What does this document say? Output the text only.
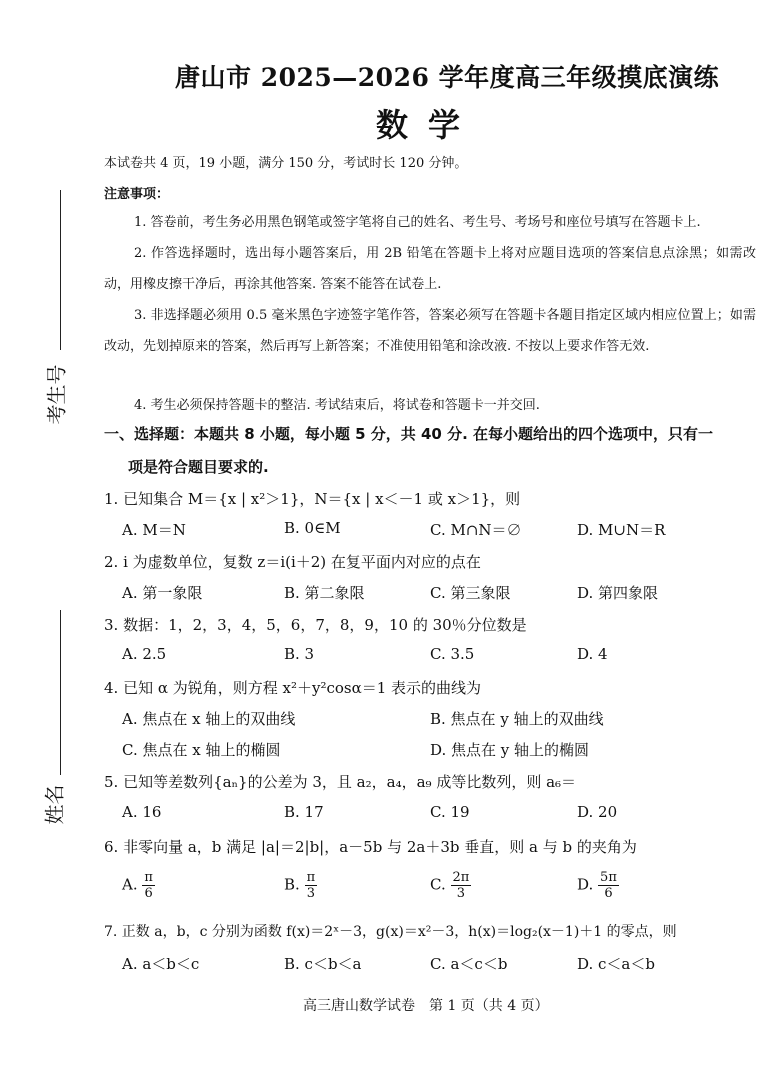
考生号
姓名
唐山市 2025—2026 学年度高三年级摸底演练
数学
本试卷共 4 页，19 小题，满分 150 分，考试时长 120 分钟。
注意事项：
1. 答卷前，考生务必用黑色钢笔或签字笔将自己的姓名、考生号、考场号和座位号填写在答题卡上.
2. 作答选择题时，选出每小题答案后，用 2B 铅笔在答题卡上将对应题目选项的答案信息点涂黑；如需改动，用橡皮擦干净后，再涂其他答案. 答案不能答在试卷上.
3. 非选择题必须用 0.5 毫米黑色字迹签字笔作答，答案必须写在答题卡各题目指定区域内相应位置上；如需改动，先划掉原来的答案，然后再写上新答案；不准使用铅笔和涂改液. 不按以上要求作答无效.
4. 考生必须保持答题卡的整洁. 考试结束后，将试卷和答题卡一并交回.
一、选择题：本题共 8 小题，每小题 5 分，共 40 分. 在每小题给出的四个选项中，只有一
项是符合题目要求的.
1. 已知集合 M＝{x | x²＞1}，N＝{x | x＜－1 或 x＞1}，则
A. M＝N	B. 0∈M	C. M∩N＝∅	D. M∪N＝R
2. i 为虚数单位，复数 z＝i(i＋2) 在复平面内对应的点在
A. 第一象限	B. 第二象限	C. 第三象限	D. 第四象限
3. 数据：1，2，3，4，5，6，7，8，9，10 的 30％分位数是
A. 2.5	B. 3	C. 3.5	D. 4
4. 已知 α 为锐角，则方程 x²＋y²cosα＝1 表示的曲线为
A. 焦点在 x 轴上的双曲线	B. 焦点在 y 轴上的双曲线
C. 焦点在 x 轴上的椭圆	D. 焦点在 y 轴上的椭圆
5. 已知等差数列{aₙ}的公差为 3，且 a₂，a₄，a₉ 成等比数列，则 a₆＝
A. 16	B. 17	C. 19	D. 20
6. 非零向量 a，b 满足 |a|＝2|b|，a－5b 与 2a＋3b 垂直，则 a 与 b 的夹角为
A. $\frac{\pi}{6}$	B. $\frac{\pi}{3}$	C. $\frac{2\pi}{3}$	D. $\frac{5\pi}{6}$
7. 正数 a，b，c 分别为函数 f(x)＝2ˣ－3，g(x)＝x²－3，h(x)＝log₂(x－1)＋1 的零点，则
A. a＜b＜c	B. c＜b＜a	C. a＜c＜b	D. c＜a＜b
高三唐山数学试卷　第 1 页（共 4 页）
